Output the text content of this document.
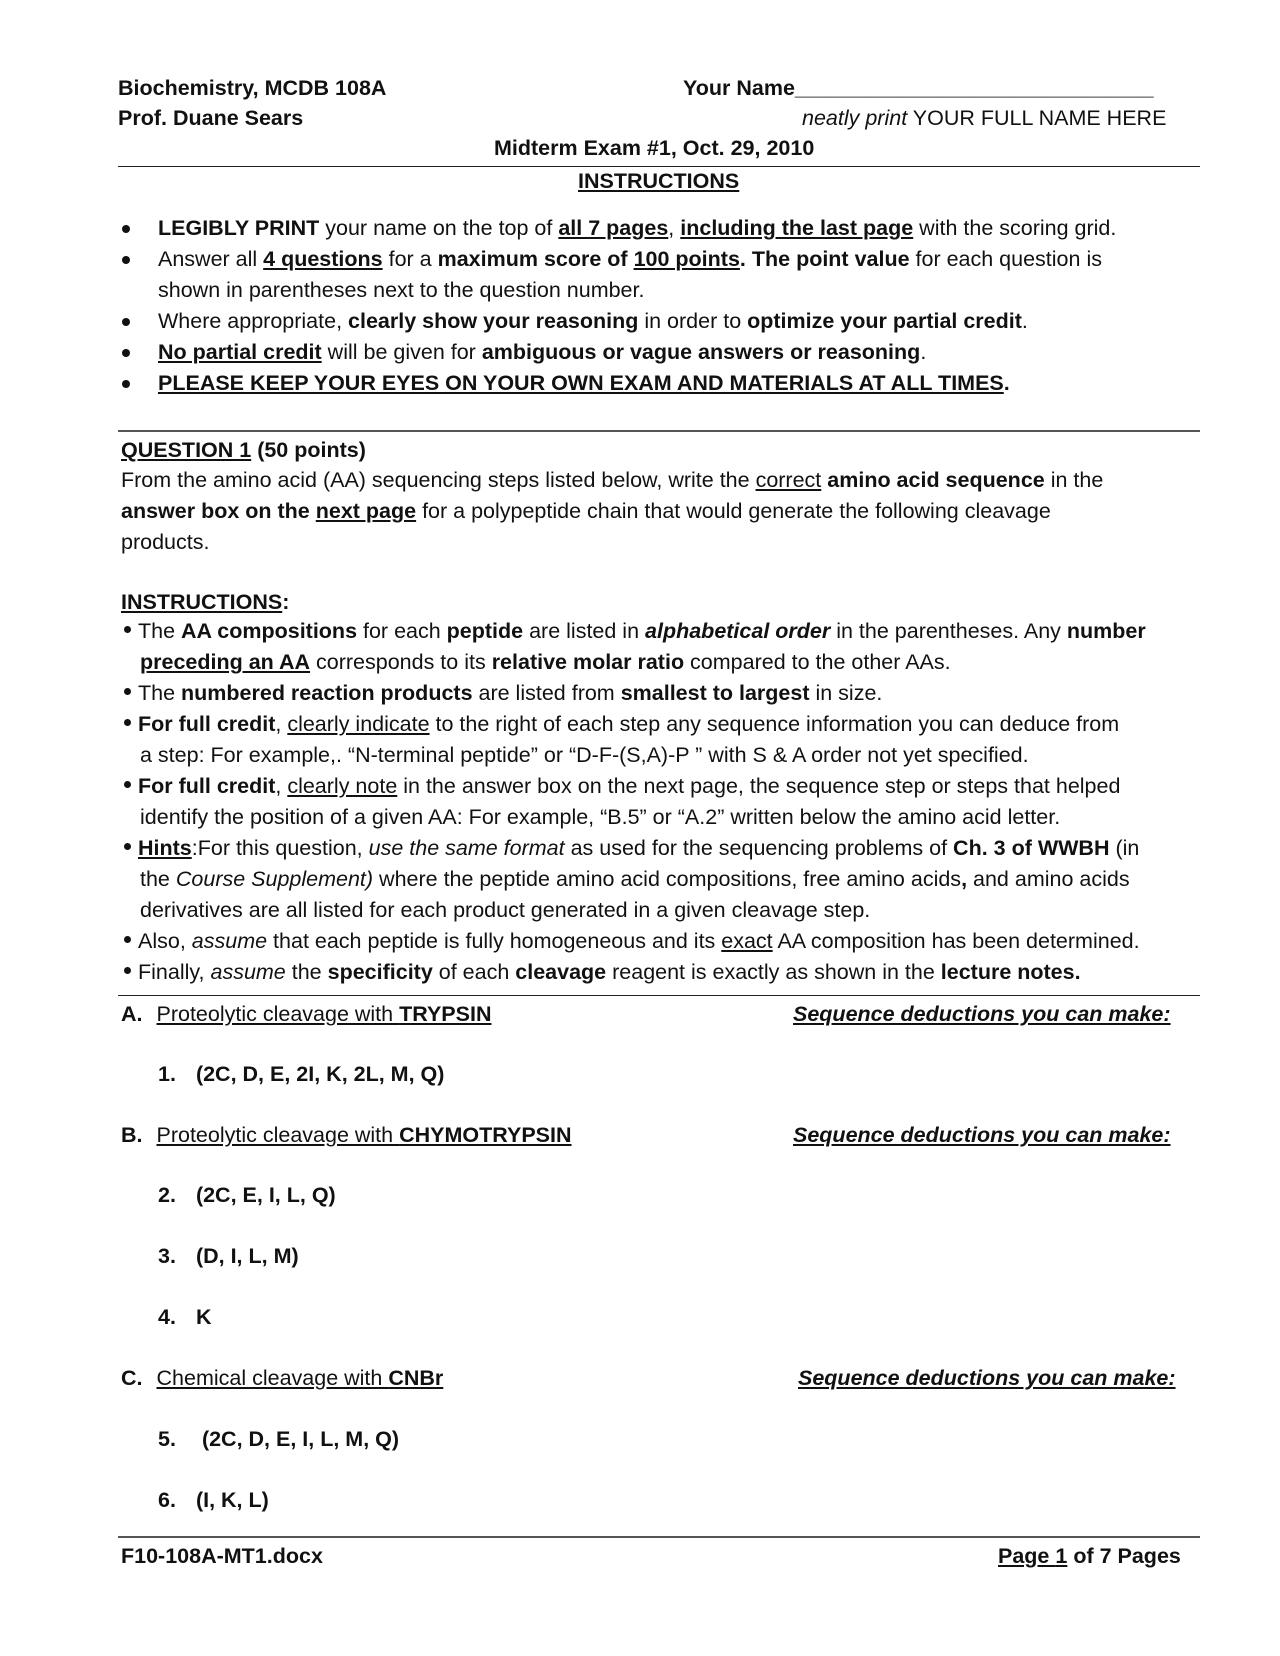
Biochemistry, MCDB 108A
Prof. Duane Sears
Your Name______________________________
neatly print YOUR FULL NAME HERE
Midterm Exam #1, Oct. 29, 2010
INSTRUCTIONS
LEGIBLY PRINT your name on the top of all 7 pages, including the last page with the scoring grid.
Answer all 4 questions for a maximum score of 100 points. The point value for each question is
shown in parentheses next to the question number.
Where appropriate, clearly show your reasoning in order to optimize your partial credit.
No partial credit will be given for ambiguous or vague answers or reasoning.
PLEASE KEEP YOUR EYES ON YOUR OWN EXAM AND MATERIALS AT ALL TIMES.
QUESTION 1 (50 points)
From the amino acid (AA) sequencing steps listed below, write the correct amino acid sequence in the
answer box on the next page for a polypeptide chain that would generate the following cleavage
products.
INSTRUCTIONS:
The AA compositions for each peptide are listed in alphabetical order in the parentheses. Any number
preceding an AA corresponds to its relative molar ratio compared to the other AAs.
The numbered reaction products are listed from smallest to largest in size.
For full credit, clearly indicate to the right of each step any sequence information you can deduce from
a step: For example,. “N-terminal peptide” or “D-F-(S,A)-P ” with S & A order not yet specified.
For full credit, clearly note in the answer box on the next page, the sequence step or steps that helped
identify the position of a given AA: For example, “B.5” or “A.2” written below the amino acid letter.
Hints:For this question, use the same format as used for the sequencing problems of Ch. 3 of WWBH (in
the Course Supplement) where the peptide amino acid compositions, free amino acids, and amino acids
derivatives are all listed for each product generated in a given cleavage step.
Also, assume that each peptide is fully homogeneous and its exact AA composition has been determined.
Finally, assume the specificity of each cleavage reagent is exactly as shown in the lecture notes.
A. Proteolytic cleavage with TRYPSIN	Sequence deductions you can make:
1. (2C, D, E, 2I, K, 2L, M, Q)
B. Proteolytic cleavage with CHYMOTRYPSIN	Sequence deductions you can make:
2. (2C, E, I, L, Q)
3. (D, I, L, M)
4. K
C. Chemical cleavage with CNBr	Sequence deductions you can make:
5. (2C, D, E, I, L, M, Q)
6. (I, K, L)
F10-108A-MT1.docx	Page 1 of 7 Pages
